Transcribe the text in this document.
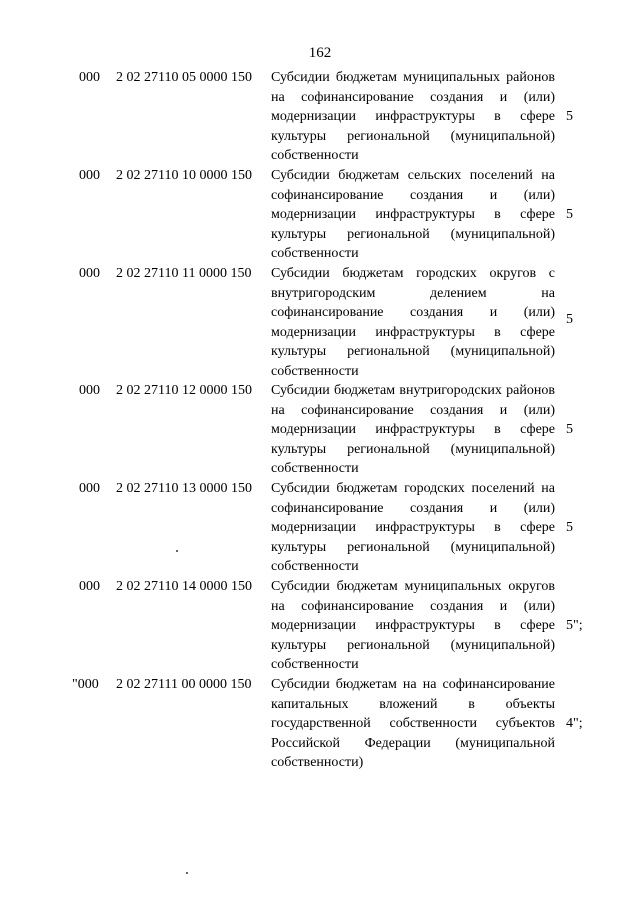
162
000 2 02 27110 05 0000 150 Субсидии бюджетам муниципальных районов на софинансирование создания и (или) модернизации инфраструктуры в сфере культуры региональной (муниципальной) собственности
5
000 2 02 27110 10 0000 150 Субсидии бюджетам сельских поселений на софинансирование создания и (или) модернизации инфраструктуры в сфере культуры региональной (муниципальной) собственности
5
000 2 02 27110 11 0000 150 Субсидии бюджетам городских округов с внутригородским делением на софинансирование создания и (или) модернизации инфраструктуры в сфере культуры региональной (муниципальной) собственности
5
000 2 02 27110 12 0000 150 Субсидии бюджетам внутригородских районов на софинансирование создания и (или) модернизации инфраструктуры в сфере культуры региональной (муниципальной) собственности
5
000 2 02 27110 13 0000 150 Субсидии бюджетам городских поселений на софинансирование создания и (или) модернизации инфраструктуры в сфере культуры региональной (муниципальной) собственности
5
000 2 02 27110 14 0000 150 Субсидии бюджетам муниципальных округов на софинансирование создания и (или) модернизации инфраструктуры в сфере культуры региональной (муниципальной) собственности
5";
"000 2 02 27111 00 0000 150 Субсидии бюджетам на на софинансирование капитальных вложений в объекты государственной собственности субъектов Российской Федерации (муниципальной собственности)
4";
